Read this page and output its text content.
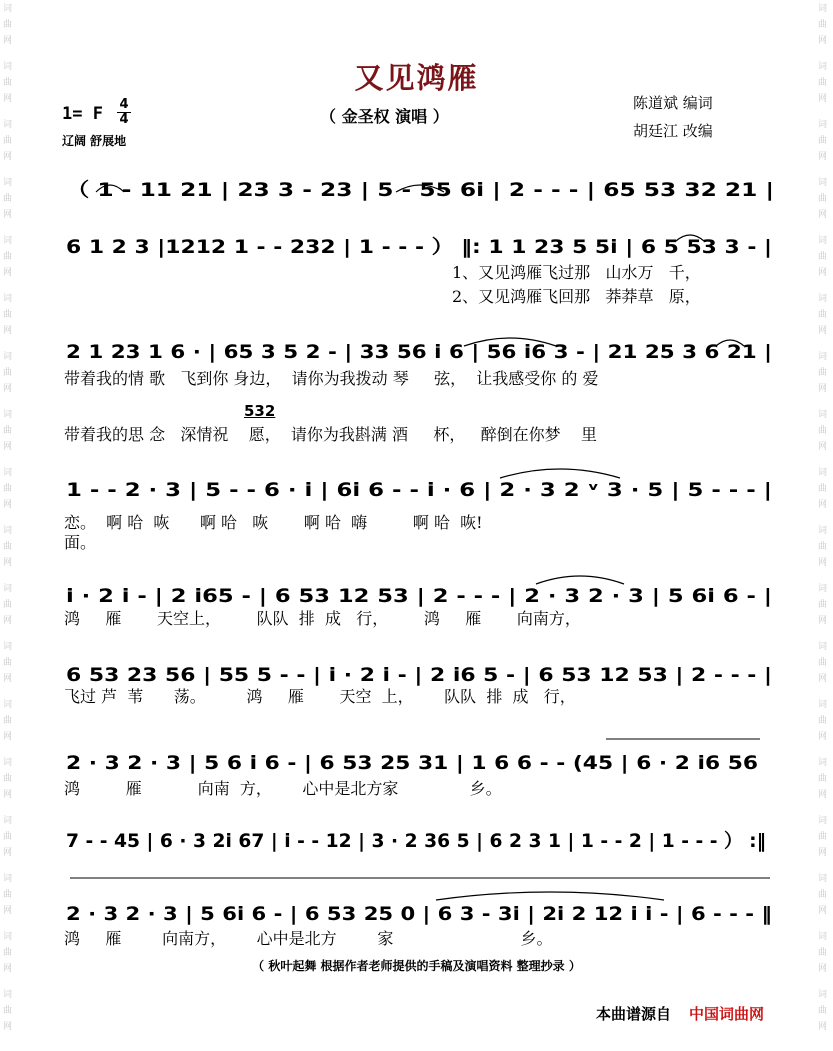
词
曲
网
词
曲
网
词
曲
网
词
曲
网
词
曲
网
词
曲
网
词
曲
网
词
曲
网
词
曲
网
词
曲
网
词
曲
网
词
曲
网
词
曲
网
词
曲
网
词
曲
网
词
曲
网
词
曲
网
词
曲
网
词
曲
网
词
曲
网
词
曲
网
词
曲
网
词
曲
网
词
曲
网
词
曲
网
词
曲
网
词
曲
网
词
曲
网
词
曲
网
词
曲
网
词
曲
网
词
曲
网
词
曲
网
词
曲
网
词
曲
网
词
曲
网
又见鸿雁
（ 金圣权 演唱 ）
1= F 4
4
辽阔 舒展地
陈道斌 编词
胡廷江 改编
（ 1 - 11 21 | 23 3 - 23 | 5 - 55 6i | 2 - - - | 65 53 32 21 |
6 1 2 3 |1212 1 - - 232 | 1 - - - ） ‖: 1 1 23 5 5i | 6 5 53 3 - |
1、又见鸿雁飞过那   山水万   千，
2、又见鸿雁飞回那   莽莽草   原，
2 1 23 1 6 · | 65 3 5 2 - | 33 56 i 6 | 56 i6 3 - | 21 25 3 6 21 |
带着我的情 歌   飞到你 身边，  请你为我拨动 琴     弦，  让我感受你 的 爱
532
带着我的思 念   深情祝    愿，  请你为我斟满 酒     杯，   醉倒在你梦    里
1 - - 2 · 3 | 5 - - 6 · i | 6i 6 - - i · 6 | 2 · 3 2 ᵛ 3 · 5 | 5 - - - |
恋。  啊 哈  咴      啊 哈   咴       啊 哈  嗨         啊 哈  咴!
面。
i · 2 i - | 2 i65 - | 6 53 12 53 | 2 - - - | 2 · 3 2 · 3 | 5 6i 6 - |
鸿     雁       天空上，       队队  排  成   行，       鸿     雁       向南方，
6 53 23 56 | 55 5 - - | i · 2 i - | 2 i6 5 - | 6 53 12 53 | 2 - - - |
飞过 芦  苇      荡。        鸿     雁       天空  上，      队队  排  成   行，
2 · 3 2 · 3 | 5 6 i 6 - | 6 53 25 31 | 1 6 6 - - (45 | 6 · 2 i6 56
鸿         雁           向南  方，      心中是北方家              乡。
7 - - 45 | 6 · 3 2i 67 | i - - 12 | 3 · 2 36 5 | 6 2 3 1 | 1 - - 2 | 1 - - - ） :‖
2 · 3 2 · 3 | 5 6i 6 - | 6 53 25 0 | 6 3 - 3i | 2i 2 12 i i - | 6 - - - ‖
鸿     雁        向南方，      心中是北方        家                         乡。
（ 秋叶起舞 根据作者老师提供的手稿及演唱资料 整理抄录 ）
本曲谱源自 中国词曲网
